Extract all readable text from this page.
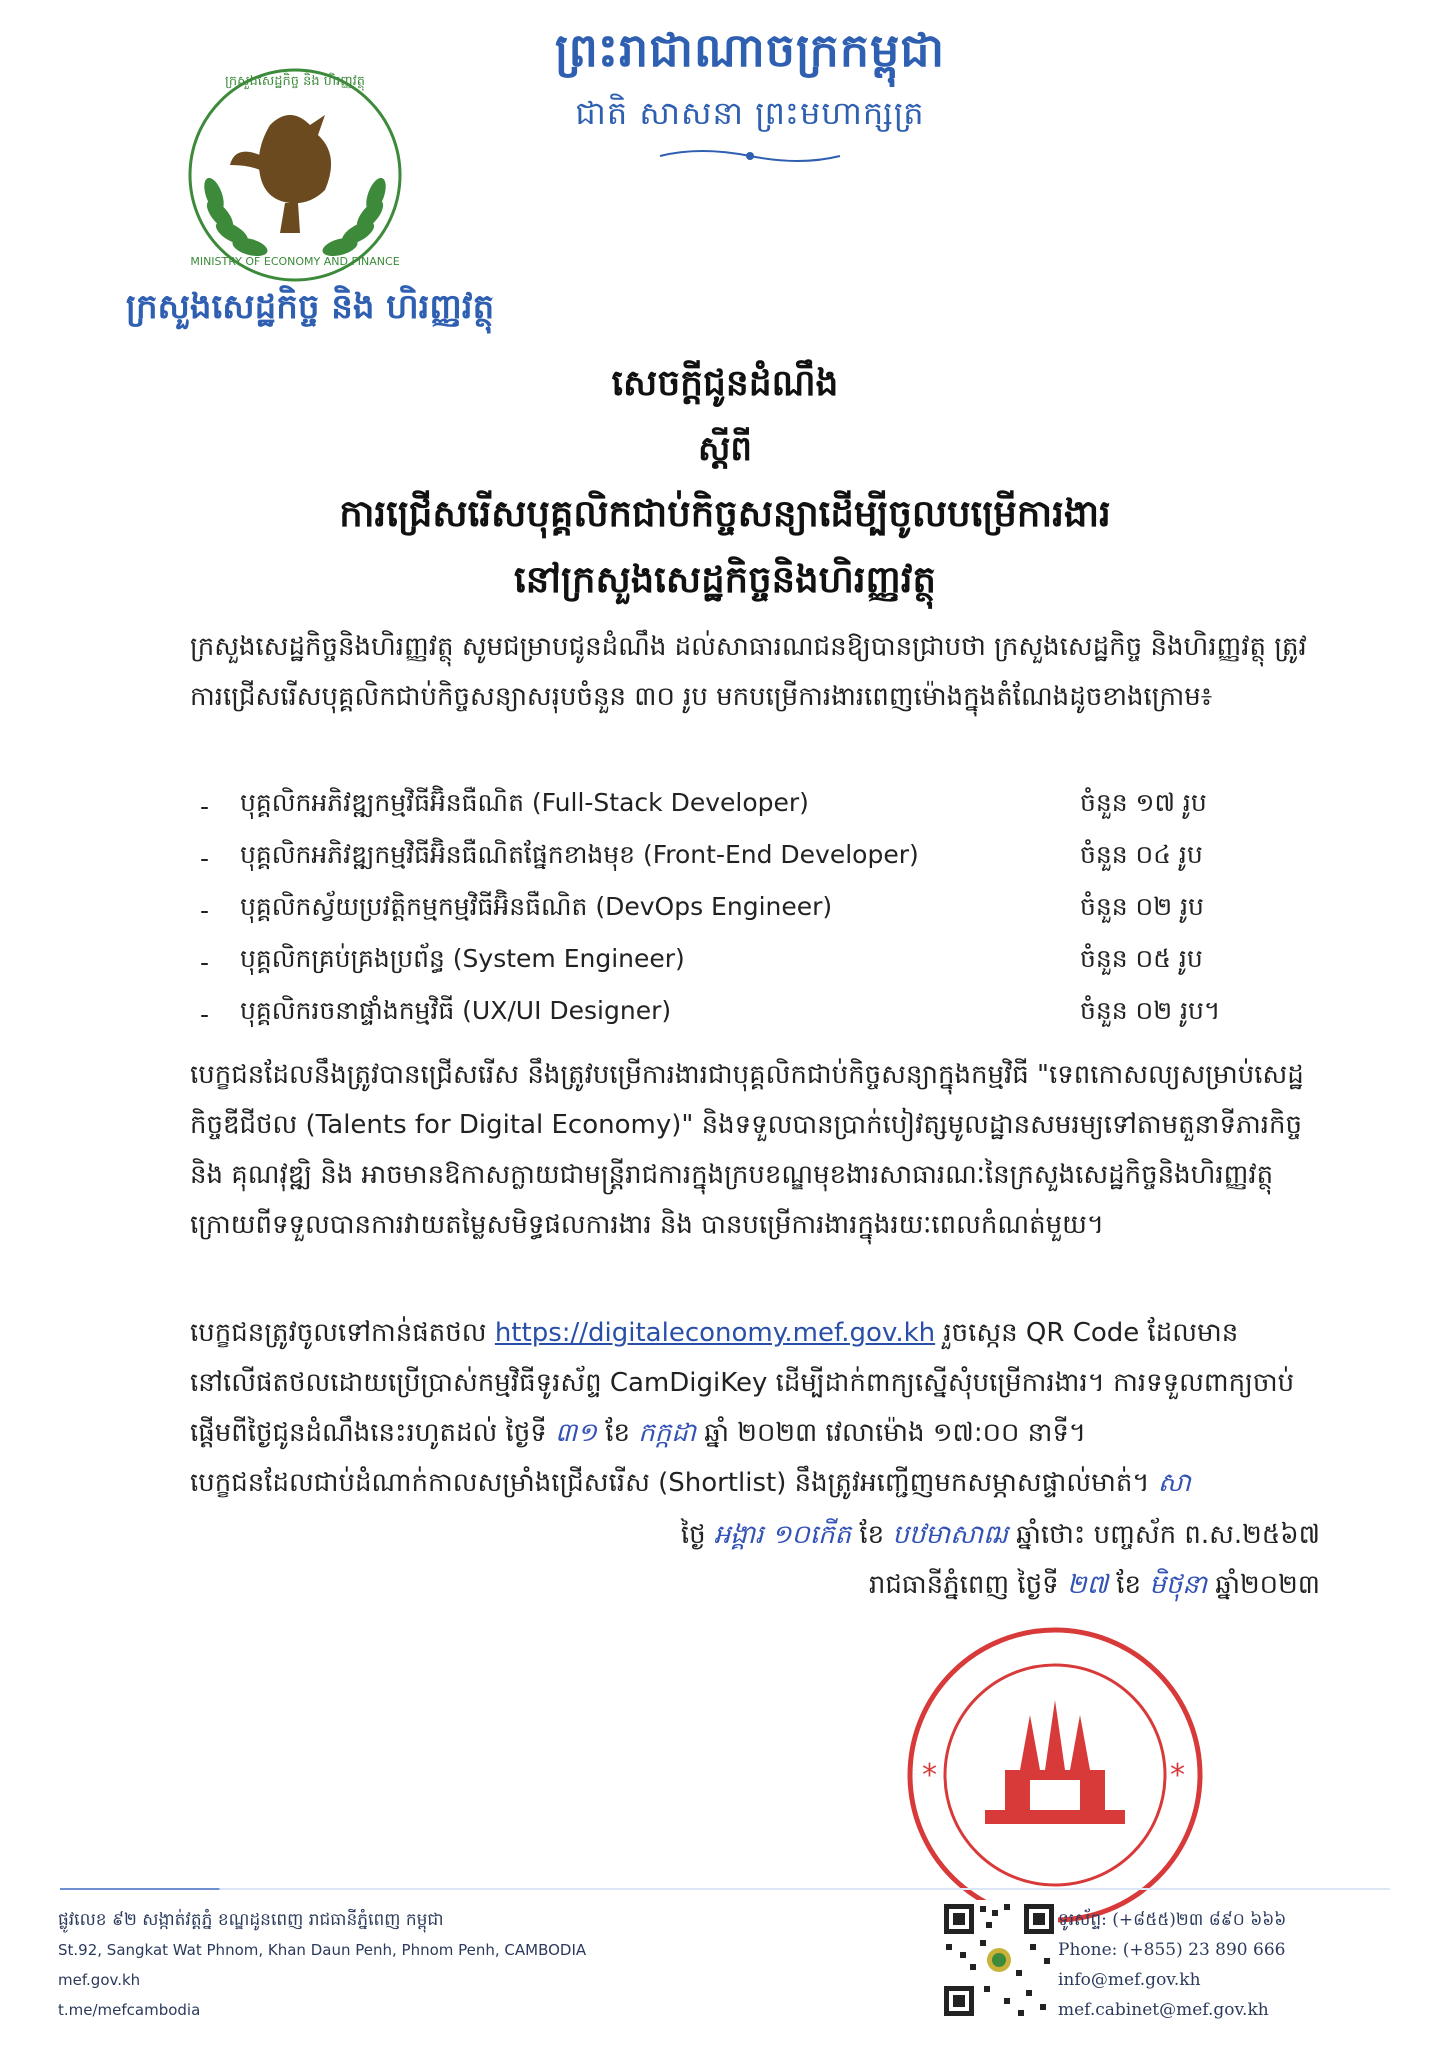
MINISTRY OF ECONOMY AND FINANCE
ក្រសួងសេដ្ឋកិច្ច និង ហិរញ្ញវត្ថុ
ក្រសួងសេដ្ឋកិច្ច និង ហិរញ្ញវត្ថុ
ព្រះរាជាណាចក្រកម្ពុជា
ជាតិ សាសនា ព្រះមហាក្សត្រ
សេចក្តីជូនដំណឹង
ស្តីពី
ការជ្រើសរើសបុគ្គលិកជាប់កិច្ចសន្យាដើម្បីចូលបម្រើការងារ
នៅក្រសួងសេដ្ឋកិច្ចនិងហិរញ្ញវត្ថុ
ក្រសួងសេដ្ឋកិច្ចនិងហិរញ្ញវត្ថុ សូមជម្រាបជូនដំណឹង ដល់សាធារណជនឱ្យបានជ្រាបថា ក្រសួងសេដ្ឋកិច្ច និងហិរញ្ញវត្ថុ ត្រូវការជ្រើសរើសបុគ្គលិកជាប់កិច្ចសន្យាសរុបចំនួន ៣០ រូប មកបម្រើការងារពេញម៉ោងក្នុងតំណែងដូចខាងក្រោម៖
-	បុគ្គលិកអភិវឌ្ឍកម្មវិធីអ៊ិនធឺណិត (Full-Stack Developer)	ចំនួន ១៧ រូប
-	បុគ្គលិកអភិវឌ្ឍកម្មវិធីអ៊ិនធឺណិតផ្នែកខាងមុខ (Front-End Developer)	ចំនួន ០៤ រូប
-	បុគ្គលិកស្វ័យប្រវត្តិកម្មកម្មវិធីអ៊ិនធឺណិត (DevOps Engineer)	ចំនួន ០២ រូប
-	បុគ្គលិកគ្រប់គ្រងប្រព័ន្ធ (System Engineer)	ចំនួន ០៥ រូប
-	បុគ្គលិករចនាផ្ទាំងកម្មវិធី (UX/UI Designer)	ចំនួន ០២ រូប។
បេក្ខជនដែលនឹងត្រូវបានជ្រើសរើស នឹងត្រូវបម្រើការងារជាបុគ្គលិកជាប់កិច្ចសន្យាក្នុងកម្មវិធី "ទេពកោសល្យសម្រាប់សេដ្ឋកិច្ចឌីជីថល (Talents for Digital Economy)" និងទទួលបានប្រាក់បៀវត្សមូលដ្ឋានសមរម្យទៅតាមតួនាទីភារកិច្ច និង គុណវុឌ្ឍិ និង អាចមានឱកាសក្លាយជាមន្ត្រីរាជការក្នុងក្របខណ្ឌមុខងារសាធារណៈនៃក្រសួងសេដ្ឋកិច្ចនិងហិរញ្ញវត្ថុ ក្រោយពីទទួលបានការវាយតម្លៃសមិទ្ធផលការងារ និង បានបម្រើការងារក្នុងរយៈពេលកំណត់មួយ។
បេក្ខជនត្រូវចូលទៅកាន់ផតថល https://digitaleconomy.mef.gov.kh រួចស្កេន QR Code ដែលមាននៅលើផតថលដោយប្រើប្រាស់កម្មវិធីទូរស័ព្ទ CamDigiKey ដើម្បីដាក់ពាក្យស្នើសុំបម្រើការងារ។ ការទទួលពាក្យចាប់ផ្តើមពីថ្ងៃជូនដំណឹងនេះរហូតដល់ ថ្ងៃទី ៣១ ខែ កក្កដា ឆ្នាំ ២០២៣ វេលាម៉ោង ១៧:០០ នាទី។
បេក្ខជនដែលជាប់ដំណាក់កាលសម្រាំងជ្រើសរើស (Shortlist) នឹងត្រូវអញ្ជើញមកសម្ភាសផ្ទាល់មាត់។ សា
ថ្ងៃ អង្គារ ១០កើត ខែ បឋមាសាឍ ឆ្នាំថោះ បញ្ចស័ក ព.ស.២៥៦៧
រាជធានីភ្នំពេញ ថ្ងៃទី ២៧ ខែ មិថុនា ឆ្នាំ២០២៣
*	*
ផ្លូវលេខ ៩២ សង្កាត់វត្តភ្នំ ខណ្ឌដូនពេញ រាជធានីភ្នំពេញ កម្ពុជា
St.92, Sangkat Wat Phnom, Khan Daun Penh, Phnom Penh, CAMBODIA
mef.gov.kh
t.me/mefcambodia
ទូរស័ព្ទ: (+៨៥៥)២៣ ៨៩០ ៦៦៦
Phone: (+855) 23 890 666
info@mef.gov.kh
mef.cabinet@mef.gov.kh
